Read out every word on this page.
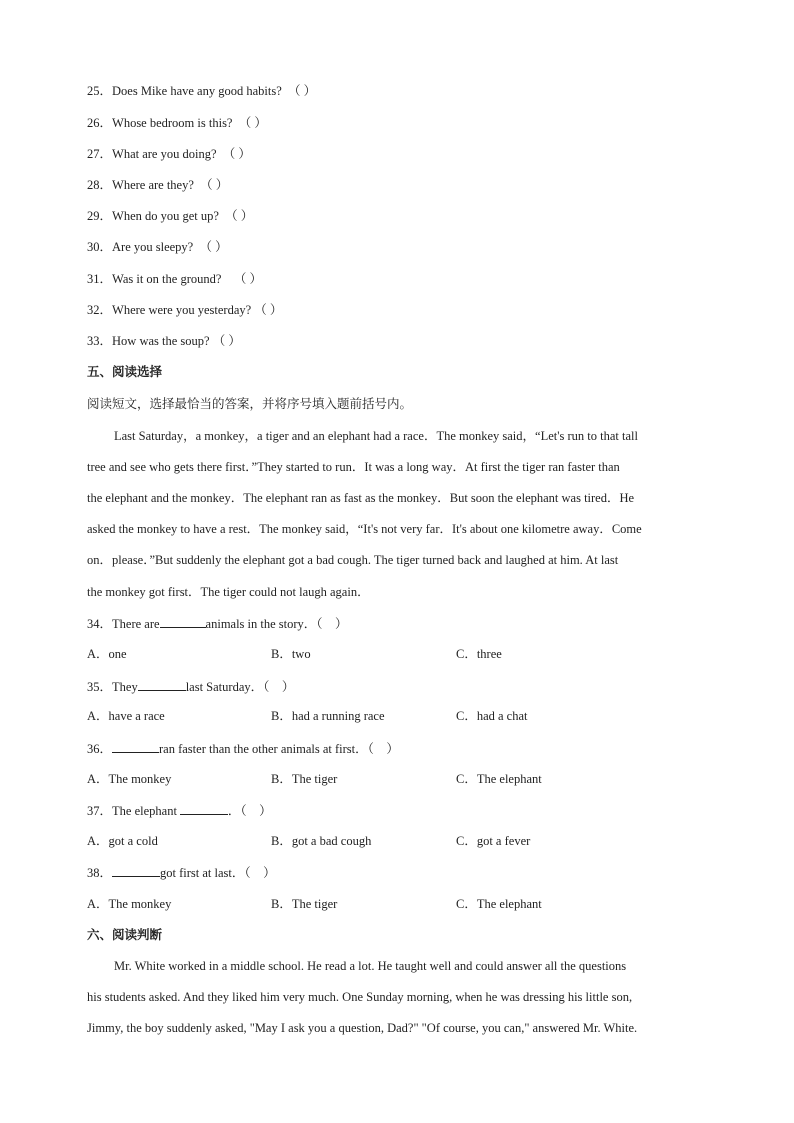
25．Does Mike have any good habits?  （ ）
26．Whose bedroom is this?  （ ）
27．What are you doing?  （ ）
28．Where are they?  （ ）
29．When do you get up?  （ ）
30．Are you sleepy?  （ ）
31．Was it on the ground?    （ ）
32．Where were you yesterday? （ ）
33．How was the soup? （ ）
五、阅读选择
阅读短文，选择最恰当的答案，并将序号填入题前括号内。
Last Saturday，a monkey，a tiger and an elephant had a race．The monkey said，“Let's run to that tall
tree and see who gets there first．”They started to run．It was a long way．At first the tiger ran faster than
the elephant and the monkey．The elephant ran as fast as the monkey．But soon the elephant was tired．He
asked the monkey to have a rest．The monkey said，“It's not very far．It's about one kilometre away．Come
on．please．”But suddenly the elephant got a bad cough. The tiger turned back and laughed at him. At last
the monkey got first．The tiger could not laugh again．
34．There are	animals in the story．（    ）
A．one	B．two	C．three
35．They	last Saturday．（    ）
A．have a race	B．had a running race	C．had a chat
36．	ran faster than the other animals at first．（    ）
A．The monkey	B．The tiger	C．The elephant
37．The elephant	．（    ）
A．got a cold	B．got a bad cough	C．got a fever
38．	got first at last．（    ）
A．The monkey	B．The tiger	C．The elephant
六、阅读判断
Mr. White worked in a middle school. He read a lot. He taught well and could answer all the questions
his students asked. And they liked him very much. One Sunday morning, when he was dressing his little son,
Jimmy, the boy suddenly asked, "May I ask you a question, Dad?" "Of course, you can," answered Mr. White.
